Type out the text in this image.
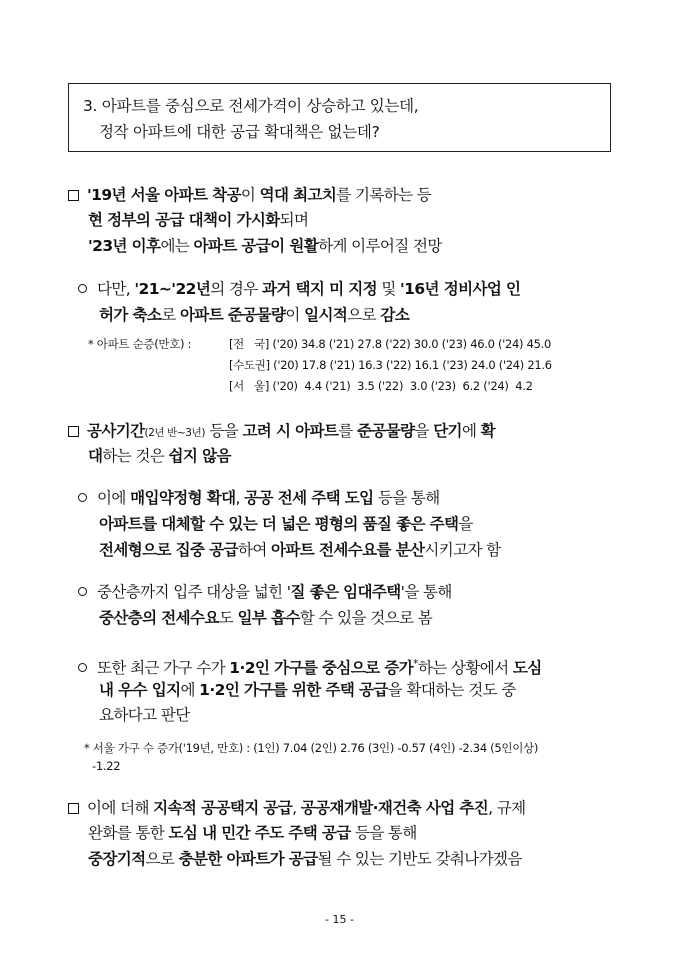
3. 아파트를 중심으로 전세가격이 상승하고 있는데,
정작 아파트에 대한 공급 확대책은 없는데?
'19년 서울 아파트 착공이 역대 최고치를 기록하는 등
현 정부의 공급 대책이 가시화되며
'23년 이후에는 아파트 공급이 원활하게 이루어질 전망
다만, '21~'22년의 경우 과거 택지 미 지정 및 '16년 정비사업 인
허가 축소로 아파트 준공물량이 일시적으로 감소
* 아파트 순증(만호) :	[전   국] ('20) 34.8 ('21) 27.8 ('22) 30.0 ('23) 46.0 ('24) 45.0
[수도권] ('20) 17.8 ('21) 16.3 ('22) 16.1 ('23) 24.0 ('24) 21.6
[서   울] ('20)  4.4 ('21)  3.5 ('22)  3.0 ('23)  6.2 ('24)  4.2
공사기간(2년 반~3년) 등을 고려 시 아파트를 준공물량을 단기에 확
대하는 것은 쉽지 않음
이에 매입약정형 확대, 공공 전세 주택 도입 등을 통해
아파트를 대체할 수 있는 더 넓은 평형의 품질 좋은 주택을
전세형으로 집중 공급하여 아파트 전세수요를 분산시키고자 함
중산층까지 입주 대상을 넓힌 '질 좋은 임대주택'을 통해
중산층의 전세수요도 일부 흡수할 수 있을 것으로 봄
또한 최근 가구 수가 1·2인 가구를 중심으로 증가*하는 상황에서 도심
내 우수 입지에 1·2인 가구를 위한 주택 공급을 확대하는 것도 중
요하다고 판단
* 서울 가구 수 증가('19년, 만호) : (1인) 7.04 (2인) 2.76 (3인) -0.57 (4인) -2.34 (5인이상)
-1.22
이에 더해 지속적 공공택지 공급, 공공재개발·재건축 사업 추진, 규제
완화를 통한 도심 내 민간 주도 주택 공급 등을 통해
중장기적으로 충분한 아파트가 공급될 수 있는 기반도 갖춰나가겠음
- 15 -
